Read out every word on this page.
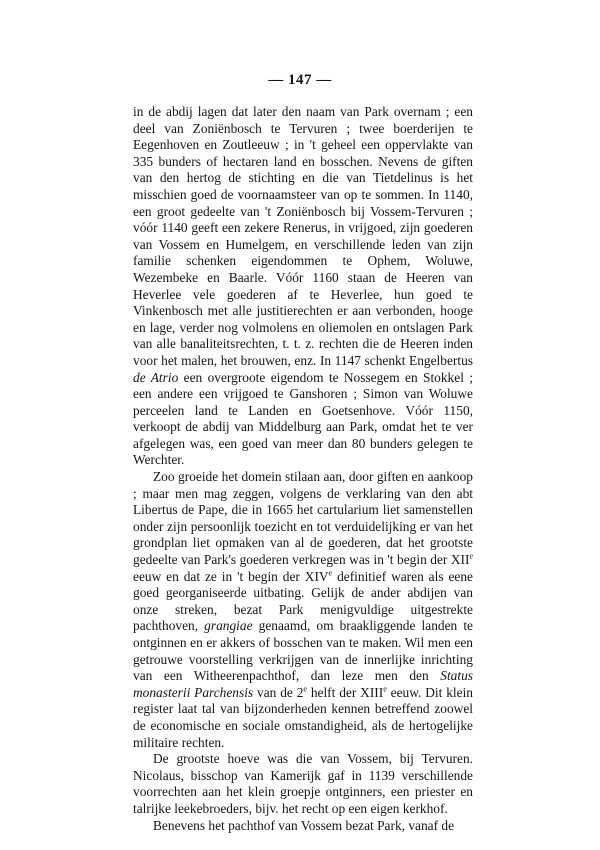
— 147 —

in de abdij lagen dat later den naam van Park overnam ; een deel van Zoniënbosch te Tervuren ; twee boerderijen te Eegenhoven en Zoutleeuw ; in 't geheel een oppervlakte van 335 bunders of hectaren land en bosschen. Nevens de giften van den hertog de stichting en die van Tietdelinus is het misschien goed de voornaamsteer van op te sommen. In 1140, een groot gedeelte van 't Zoniënbosch bij Vossem-Tervuren ; vóór 1140 geeft een zekere Renerus, in vrijgoed, zijn goederen van Vossem en Humelgem, en verschillende leden van zijn familie schenken eigendommen te Ophem, Woluwe, Wezembeke en Baarle. Vóór 1160 staan de Heeren van Heverlee vele goederen af te Heverlee, hun goed te Vinkenbosch met alle justitierechten er aan verbonden, hooge en lage, verder nog volmolens en oliemolen en ontslagen Park van alle banaliteitsrechten, t. t. z. rechten die de Heeren inden voor het malen, het brouwen, enz. In 1147 schenkt Engelbertus de Atrio een overgroote eigendom te Nossegem en Stokkel ; een andere een vrijgoed te Ganshoren ; Simon van Woluwe perceelen land te Landen en Goetsenhove. Vóór 1150, verkoopt de abdij van Middelburg aan Park, omdat het te ver afgelegen was, een goed van meer dan 80 bunders gelegen te Werchter.

Zoo groeide het domein stilaan aan, door giften en aankoop ; maar men mag zeggen, volgens de verklaring van den abt Libertus de Pape, die in 1665 het cartularium liet samenstellen onder zijn persoonlijk toezicht en tot verduidelijking er van het grondplan liet opmaken van al de goederen, dat het grootste gedeelte van Park's goederen verkregen was in 't begin der XIIe eeuw en dat ze in 't begin der XIVe definitief waren als eene goed georganiseerde uitbating. Gelijk de ander abdijen van onze streken, bezat Park menigvuldige uitgestrekte pachthoven, grangiae genaamd, om braakliggende landen te ontginnen en er akkers of bosschen van te maken. Wil men een getrouwe voorstelling verkrijgen van de innerlijke inrichting van een Witheerenpachthof, dan leze men den Status monasterii Parchensis van de 2e helft der XIIIe eeuw. Dit klein register laat tal van bijzonderheden kennen betreffend zoowel de economische en sociale omstandigheid, als de hertogelijke militaire rechten.

De grootste hoeve was die van Vossem, bij Tervuren. Nicolaus, bisschop van Kamerijk gaf in 1139 verschillende voorrechten aan het klein groepje ontginners, een priester en talrijke leekebroeders, bijv. het recht op een eigen kerkhof.

Benevens het pachthof van Vossem bezat Park, vanaf de
